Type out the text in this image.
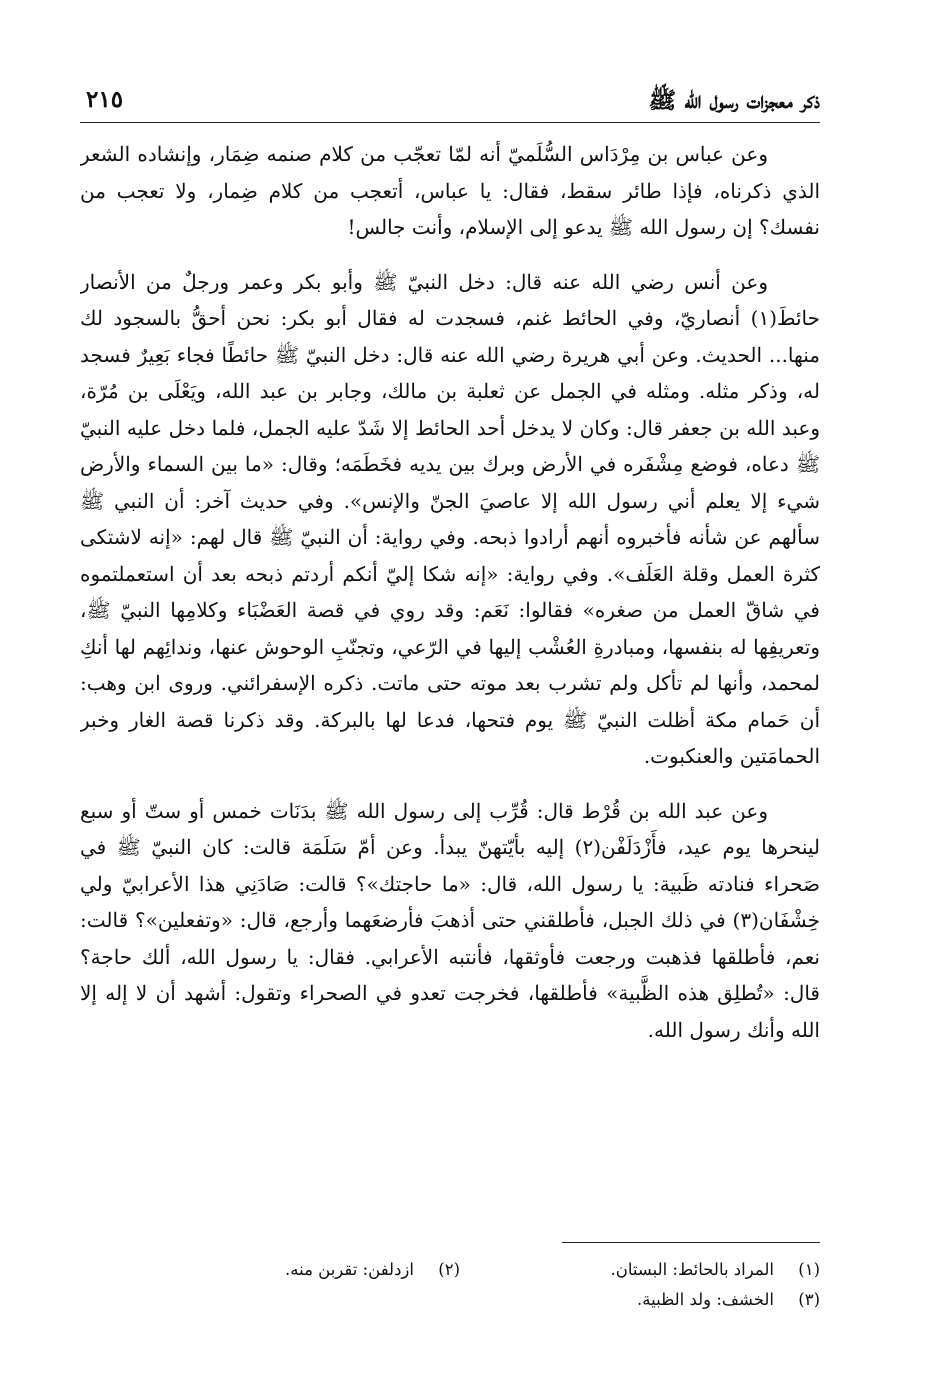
ذكر معجزات رسول الله ﷺ
٢١٥

وعن عباس بن مِرْدَاس السُّلَميّ أنه لمّا تعجّب من كلام صنمه ضِمَار، وإنشاده الشعر الذي ذكرناه، فإذا طائر سقط، فقال: يا عباس، أتعجب من كلام ضِمار، ولا تعجب من نفسك؟ إن رسول الله ﷺ يدعو إلى الإسلام، وأنت جالس!

وعن أنس رضي الله عنه قال: دخل النبيّ ﷺ وأبو بكر وعمر ورجلٌ من الأنصار حائطَ(١) أنصاريّ، وفي الحائط غنم، فسجدت له فقال أبو بكر: نحن أحقُّ بالسجود لك منها... الحديث. وعن أبي هريرة رضي الله عنه قال: دخل النبيّ ﷺ حائطًا فجاء بَعِيرٌ فسجد له، وذكر مثله. ومثله في الجمل عن ثعلبة بن مالك، وجابر بن عبد الله، ويَعْلَى بن مُرّة، وعبد الله بن جعفر قال: وكان لا يدخل أحد الحائط إلا شَدّ عليه الجمل، فلما دخل عليه النبيّ ﷺ دعاه، فوضع مِشْفَره في الأرض وبرك بين يديه فخَطَمَه؛ وقال: «ما بين السماء والأرض شيء إلا يعلم أني رسول الله إلا عاصيَ الجنّ والإنس». وفي حديث آخر: أن النبي ﷺ سألهم عن شأنه فأخبروه أنهم أرادوا ذبحه. وفي رواية: أن النبيّ ﷺ قال لهم: «إنه لاشتكى كثرة العمل وقلة العَلَف». وفي رواية: «إنه شكا إليّ أنكم أردتم ذبحه بعد أن استعملتموه في شاقّ العمل من صغره» فقالوا: نَعَم: وقد روي في قصة العَضْبَاء وكلامِها النبيّ ﷺ، وتعريفِها له بنفسها، ومبادرةِ العُشْب إليها في الرّعي، وتجنّبِ الوحوش عنها، وندائِهم لها أنكِ لمحمد، وأنها لم تأكل ولم تشرب بعد موته حتى ماتت. ذكره الإسفرائني. وروى ابن وهب: أن حَمام مكة أظلت النبيّ ﷺ يوم فتحها، فدعا لها بالبركة. وقد ذكرنا قصة الغار وخبر الحمامَتين والعنكبوت.

وعن عبد الله بن قُرْط قال: قُرِّب إلى رسول الله ﷺ بدَنَات خمس أو ستّ أو سبع لينحرها يوم عيد، فأَزْدَلَفْن(٢) إليه بأيّتهنّ يبدأ. وعن أمّ سَلَمَة قالت: كان النبيّ ﷺ في صَحراء فنادته ظَبية: يا رسول الله، قال: «ما حاجتك»؟ قالت: صَادَنِي هذا الأعرابيّ ولي خِشْفَان(٣) في ذلك الجبل، فأطلقني حتى أذهبَ فأرضعَهما وأرجع، قال: «وتفعلين»؟ قالت: نعم، فأطلقها فذهبت ورجعت فأوثقها، فأنتبه الأعرابي. فقال: يا رسول الله، ألك حاجة؟ قال: «تُطلِق هذه الظَّبية» فأطلقها، فخرجت تعدو في الصحراء وتقول: أشهد أن لا إله إلا الله وأنك رسول الله.

(١)المراد بالحائط: البستان.
(٢)ازدلفن: تقربن منه.
(٣)الخشف: ولد الظبية.
